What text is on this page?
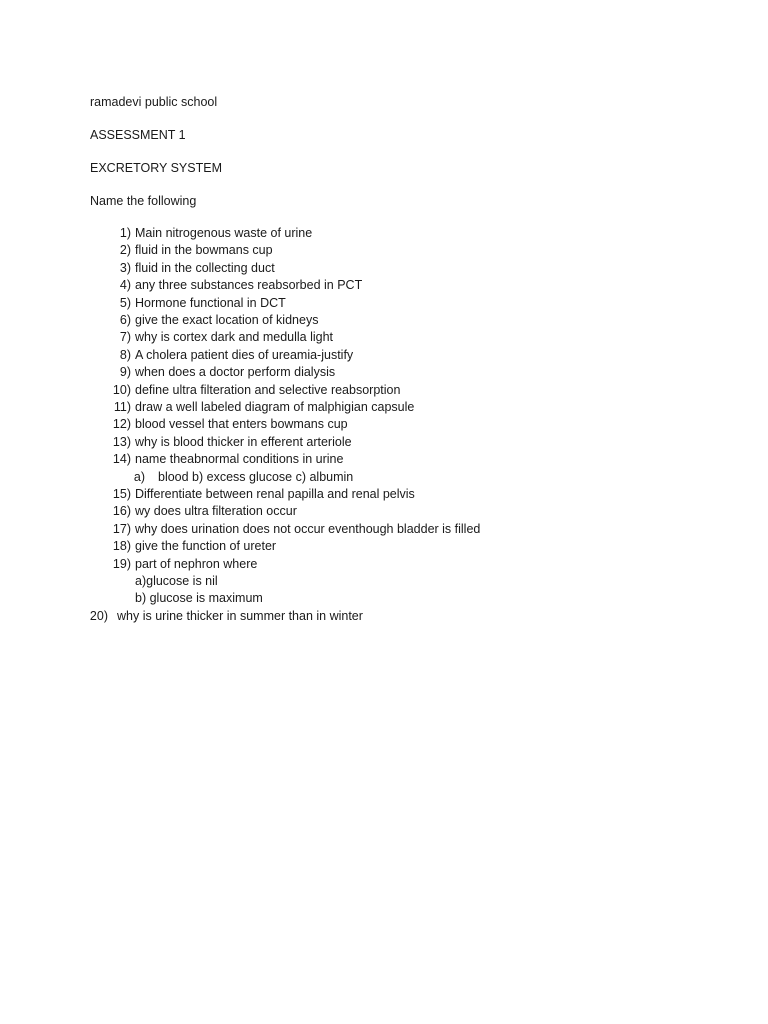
ramadevi public school
ASSESSMENT 1
EXCRETORY SYSTEM
Name the following
1) Main nitrogenous waste of urine
2) fluid in the bowmans cup
3) fluid in the collecting duct
4) any three substances reabsorbed in PCT
5) Hormone functional in DCT
6) give the exact location of kidneys
7) why is cortex dark and medulla light
8) A cholera patient dies of ureamia-justify
9) when does a doctor perform dialysis
10) define ultra filteration and selective reabsorption
11) draw a well labeled diagram of malphigian capsule
12) blood vessel that enters bowmans cup
13) why is blood thicker in efferent arteriole
14) name theabnormal conditions in urine
a) blood b) excess glucose c) albumin
15) Differentiate between renal papilla and renal pelvis
16) wy does ultra filteration occur
17) why does urination does not occur eventhough bladder is filled
18) give the function of ureter
19) part of nephron where
a)glucose is nil
b) glucose is maximum
20) why is urine thicker in summer than in winter
